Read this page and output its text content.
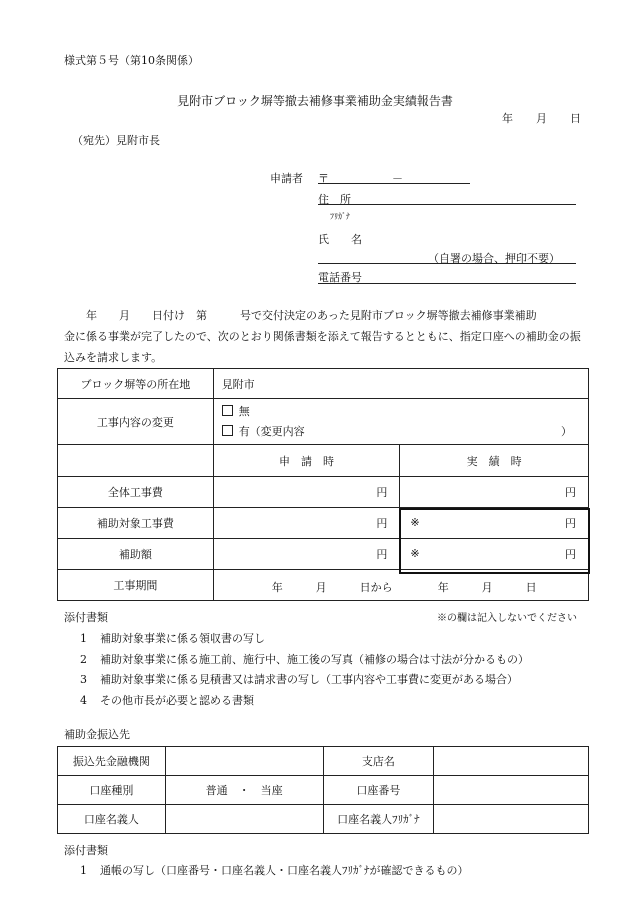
様式第５号（第10条関係）
見附市ブロック塀等撤去補修事業補助金実績報告書
年 月 日
（宛先）見附市長
申請者 〒	－
住　所
ﾌﾘｶﾞﾅ
氏　　名
（自署の場合、押印不要）
電話番号
年　　月　　日付け　第　　　号で交付決定のあった見附市ブロック塀等撤去補修事業補助
金に係る事業が完了したので、次のとおり関係書類を添えて報告するとともに、指定口座への補助金の振込みを請求します。
ブロック塀等の所在地	見附市	
工事内容の変更	無
有（変更内容 ）	

	申　請　時	実　績　時
全体工事費	円	円
補助対象工事費	円	※ 円
補助額	円	※ 円
工事期間	年　　　月　　　日から 年　　　月　　　日	
添付書類	※の欄は記入しないでください
1 補助対象事業に係る領収書の写し
2 補助対象事業に係る施工前、施行中、施工後の写真（補修の場合は寸法が分かるもの）
3 補助対象事業に係る見積書又は請求書の写し（工事内容や工事費に変更がある場合）
4 その他市長が必要と認める書類
補助金振込先
振込先金融機関		支店名	
口座種別	普通　・　当座	口座番号	
口座名義人		口座名義人ﾌﾘｶﾞﾅ	
添付書類
1 通帳の写し（口座番号・口座名義人・口座名義人ﾌﾘｶﾞﾅが確認できるもの）
